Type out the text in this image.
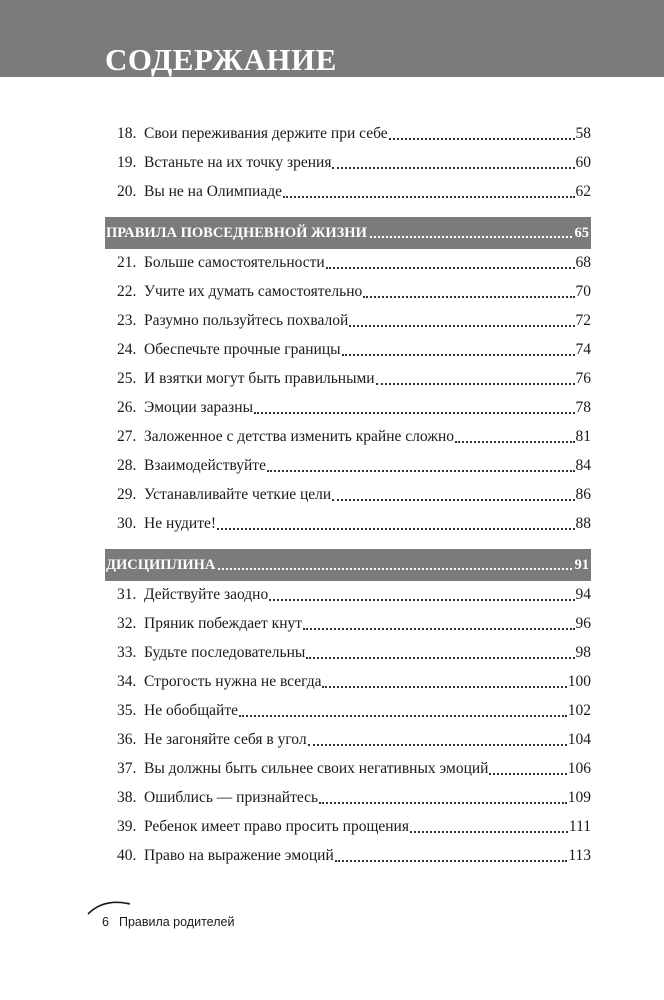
СОДЕРЖАНИЕ
18. Свои переживания держите при себе	58
19. Встаньте на их точку зрения	60
20. Вы не на Олимпиаде	62
ПРАВИЛА ПОВСЕДНЕВНОЙ ЖИЗНИ	65
21. Больше самостоятельности	68
22. Учите их думать самостоятельно	70
23. Разумно пользуйтесь похвалой	72
24. Обеспечьте прочные границы	74
25. И взятки могут быть правильными	76
26. Эмоции заразны	78
27. Заложенное с детства изменить крайне сложно	81
28. Взаимодействуйте	84
29. Устанавливайте четкие цели	86
30. Не нудите!	88
ДИСЦИПЛИНА	91
31. Действуйте заодно	94
32. Пряник побеждает кнут	96
33. Будьте последовательны	98
34. Строгость нужна не всегда	100
35. Не обобщайте	102
36. Не загоняйте себя в угол	104
37. Вы должны быть сильнее своих негативных эмоций	106
38. Ошиблись — признайтесь	109
39. Ребенок имеет право просить прощения	111
40. Право на выражение эмоций	113
6 Правила родителей
